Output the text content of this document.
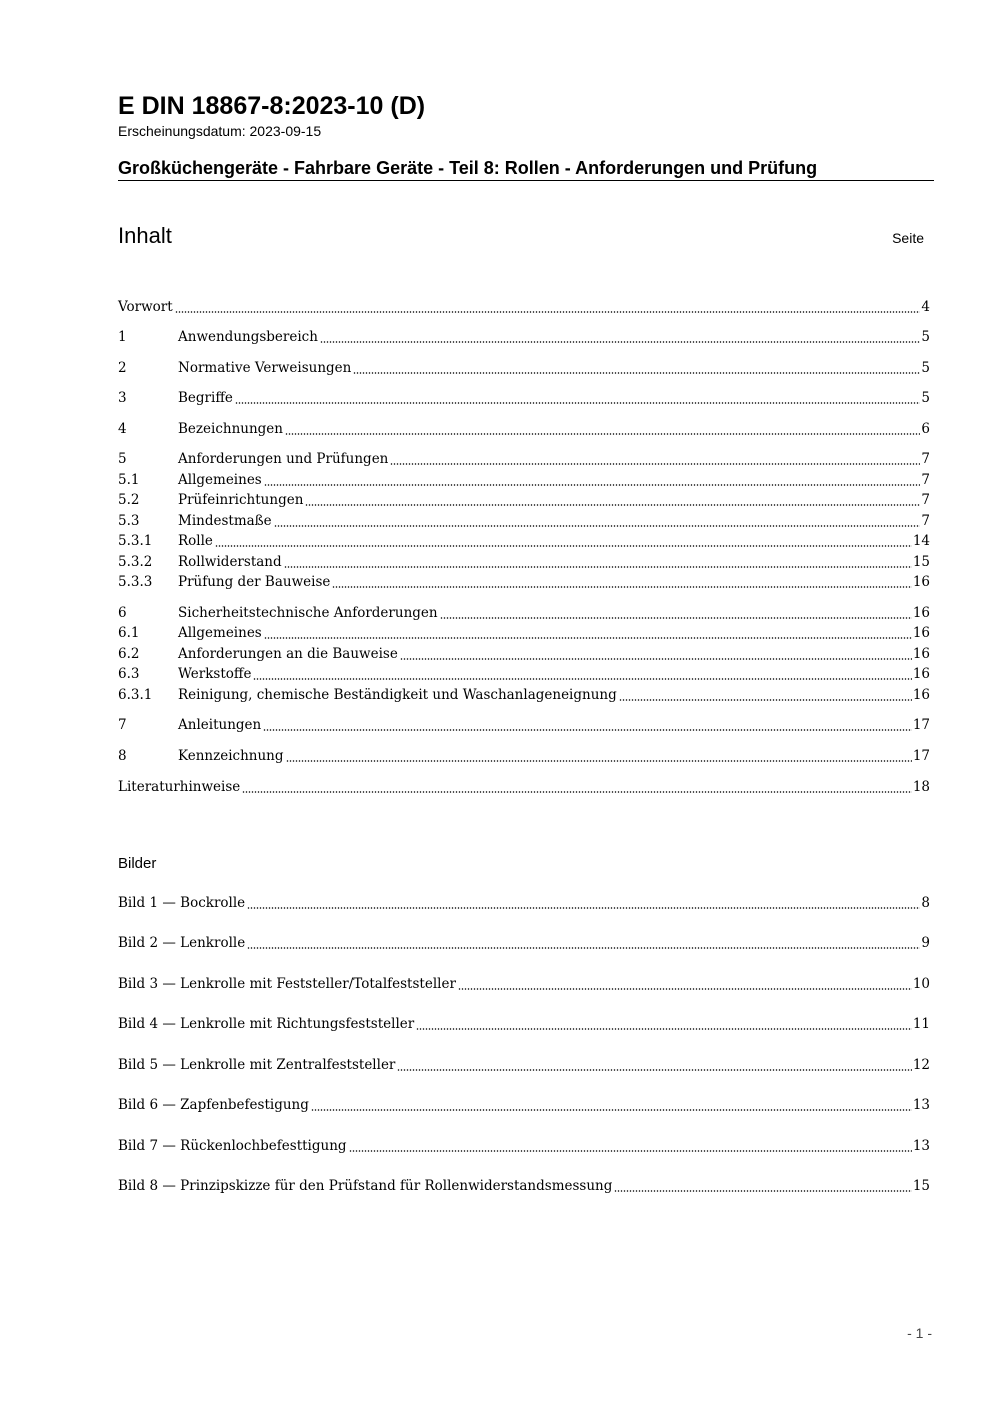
E DIN 18867-8:2023-10 (D)

Erscheinungsdatum: 2023-09-15

Großküchengeräte - Fahrbare Geräte - Teil 8: Rollen - Anforderungen und Prüfung

Inhalt	Seite
Vorwort	4
1	Anwendungsbereich	5
2	Normative Verweisungen	5
3	Begriffe	5
4	Bezeichnungen	6
5	Anforderungen und Prüfungen	7
5.1	Allgemeines	7
5.2	Prüfeinrichtungen	7
5.3	Mindestmaße	7
5.3.1	Rolle	14
5.3.2	Rollwiderstand	15
5.3.3	Prüfung der Bauweise	16
6	Sicherheitstechnische Anforderungen	16
6.1	Allgemeines	16
6.2	Anforderungen an die Bauweise	16
6.3	Werkstoffe	16
6.3.1	Reinigung, chemische Beständigkeit und Waschanlageneignung	16
7	Anleitungen	17
8	Kennzeichnung	17
Literaturhinweise	18
Bilder
Bild 1 — Bockrolle	8
Bild 2 — Lenkrolle	9
Bild 3 — Lenkrolle mit Feststeller/Totalfeststeller	10
Bild 4 — Lenkrolle mit Richtungsfeststeller	11
Bild 5 — Lenkrolle mit Zentralfeststeller	12
Bild 6 — Zapfenbefestigung	13
Bild 7 — Rückenlochbefesttigung	13
Bild 8 — Prinzipskizze für den Prüfstand für Rollenwiderstandsmessung	15
- 1 -
